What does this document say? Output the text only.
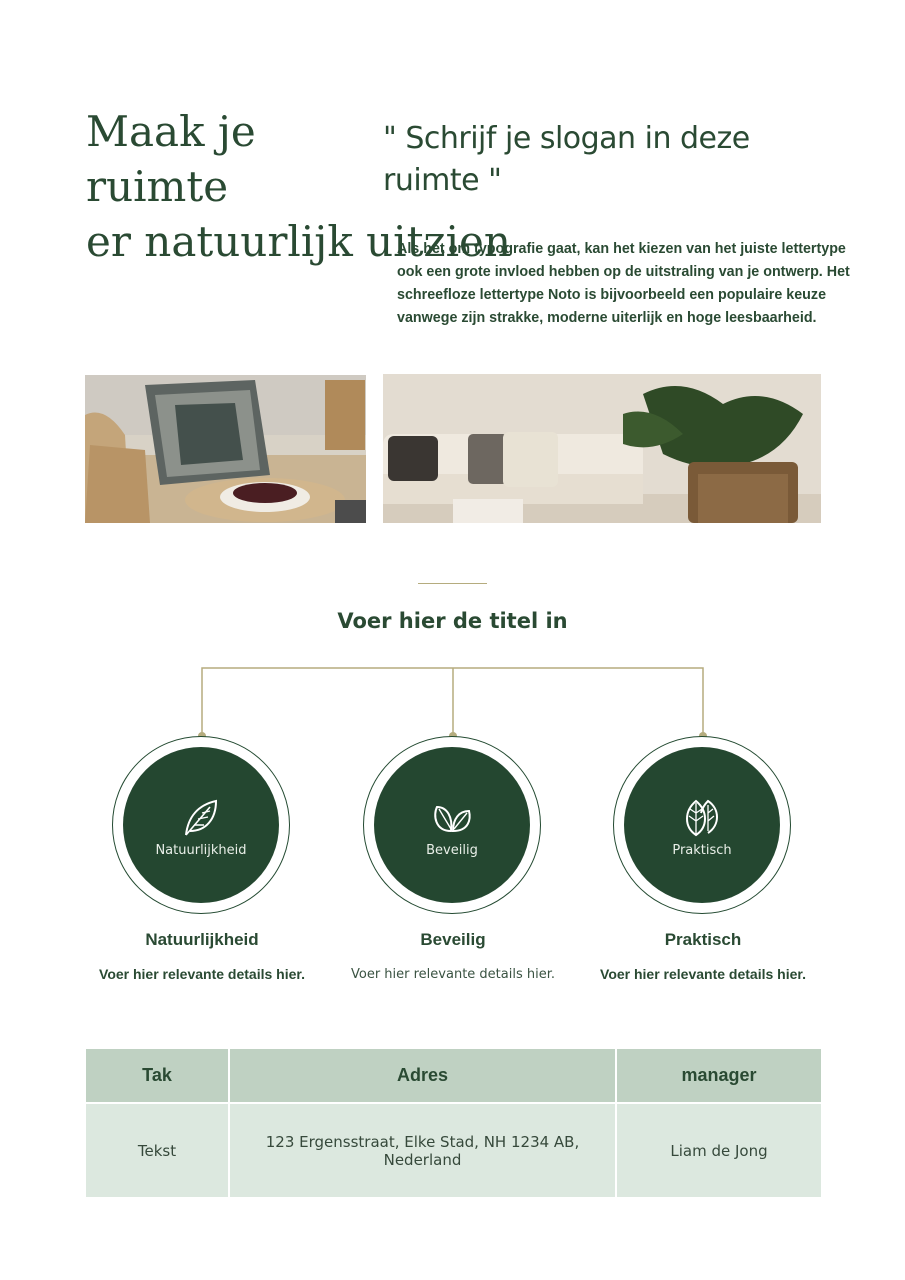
Maak je
ruimte
er natuurlijk uitzien
" Schrijf je slogan in deze ruimte "

Als het om typografie gaat, kan het kiezen van het juiste lettertype ook een grote invloed hebben op de uitstraling van je ontwerp. Het schreefloze lettertype Noto is bijvoorbeeld een populaire keuze vanwege zijn strakke, moderne uiterlijk en hoge leesbaarheid.

Voer hier de titel in
Natuurlijkheid
Natuurlijkheid
Voer hier relevante details hier.
Beveilig
Beveilig
Voer hier relevante details hier.
Praktisch
Praktisch
Voer hier relevante details hier.
Tak	Adres	manager
Tekst	123 Ergensstraat, Elke Stad, NH 1234 AB, Nederland	Liam de Jong
